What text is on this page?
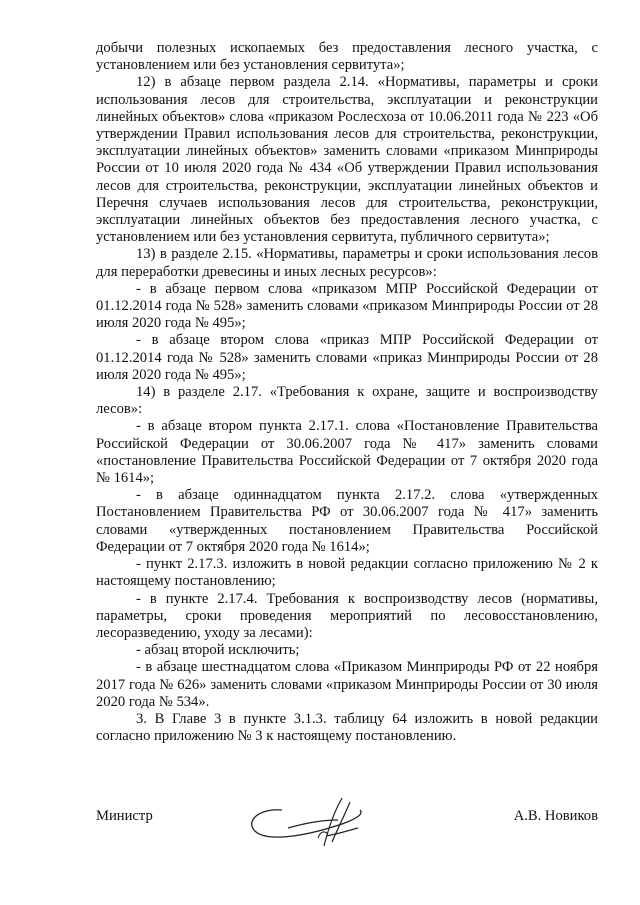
добычи полезных ископаемых без предоставления лесного участка, с установлением или без установления сервитута»;

12) в абзаце первом раздела 2.14. «Нормативы, параметры и сроки использования лесов для строительства, эксплуатации и реконструкции линейных объектов» слова «приказом Рослесхоза от 10.06.2011 года № 223 «Об утверждении Правил использования лесов для строительства, реконструкции, эксплуатации линейных объектов» заменить словами «приказом Минприроды России от 10 июля 2020 года № 434 «Об утверждении Правил использования лесов для строительства, реконструкции, эксплуатации линейных объектов и Перечня случаев использования лесов для строительства, реконструкции, эксплуатации линейных объектов без предоставления лесного участка, с установлением или без установления сервитута, публичного сервитута»;

13) в разделе 2.15. «Нормативы, параметры и сроки использования лесов для переработки древесины и иных лесных ресурсов»:

- в абзаце первом слова «приказом МПР Российской Федерации от 01.12.2014 года № 528» заменить словами «приказом Минприроды России от 28 июля 2020 года № 495»;

- в абзаце втором слова «приказ МПР Российской Федерации от 01.12.2014 года № 528» заменить словами «приказ Минприроды России от 28 июля 2020 года № 495»;

14) в разделе 2.17. «Требования к охране, защите и воспроизводству лесов»:

- в абзаце втором пункта 2.17.1. слова «Постановление Правительства Российской Федерации от 30.06.2007 года № 417» заменить словами «постановление Правительства Российской Федерации от 7 октября 2020 года № 1614»;

- в абзаце одиннадцатом пункта 2.17.2. слова «утвержденных Постановлением Правительства РФ от 30.06.2007 года № 417» заменить словами «утвержденных постановлением Правительства Российской Федерации от 7 октября 2020 года № 1614»;

- пункт 2.17.3. изложить в новой редакции согласно приложению № 2 к настоящему постановлению;

- в пункте 2.17.4. Требования к воспроизводству лесов (нормативы, параметры, сроки проведения мероприятий по лесовосстановлению, лесоразведению, уходу за лесами):

- абзац второй исключить;

- в абзаце шестнадцатом слова «Приказом Минприроды РФ от 22 ноября 2017 года № 626» заменить словами «приказом Минприроды России от 30 июля 2020 года № 534».

3. В Главе 3 в пункте 3.1.3. таблицу 64 изложить в новой редакции согласно приложению № 3 к настоящему постановлению.

Министр	А.В. Новиков
